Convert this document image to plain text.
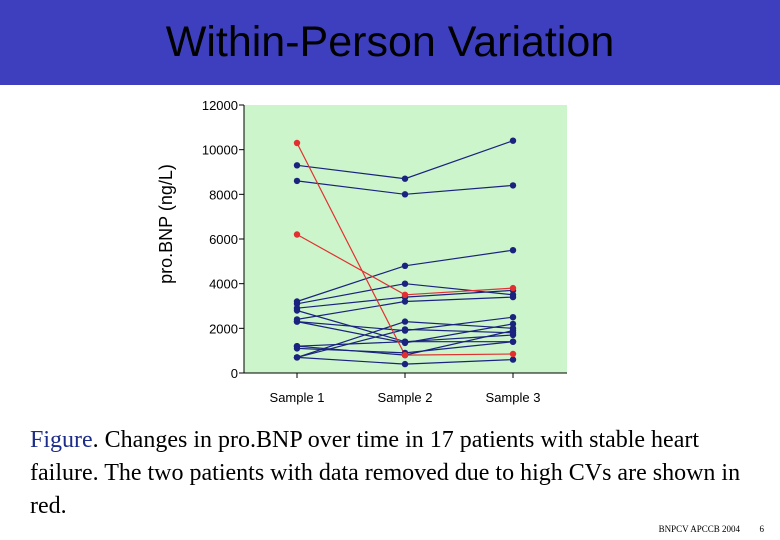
Within-Person Variation
0
2000
4000
6000
8000
10000
12000
Sample 1	Sample 2	Sample 3
pro.BNP (ng/L)
Figure. Changes in pro.BNP over time in 17 patients with stable heart failure. The two patients with data removed due to high CVs are shown in red.
BNPCV APCCB 2004 6
